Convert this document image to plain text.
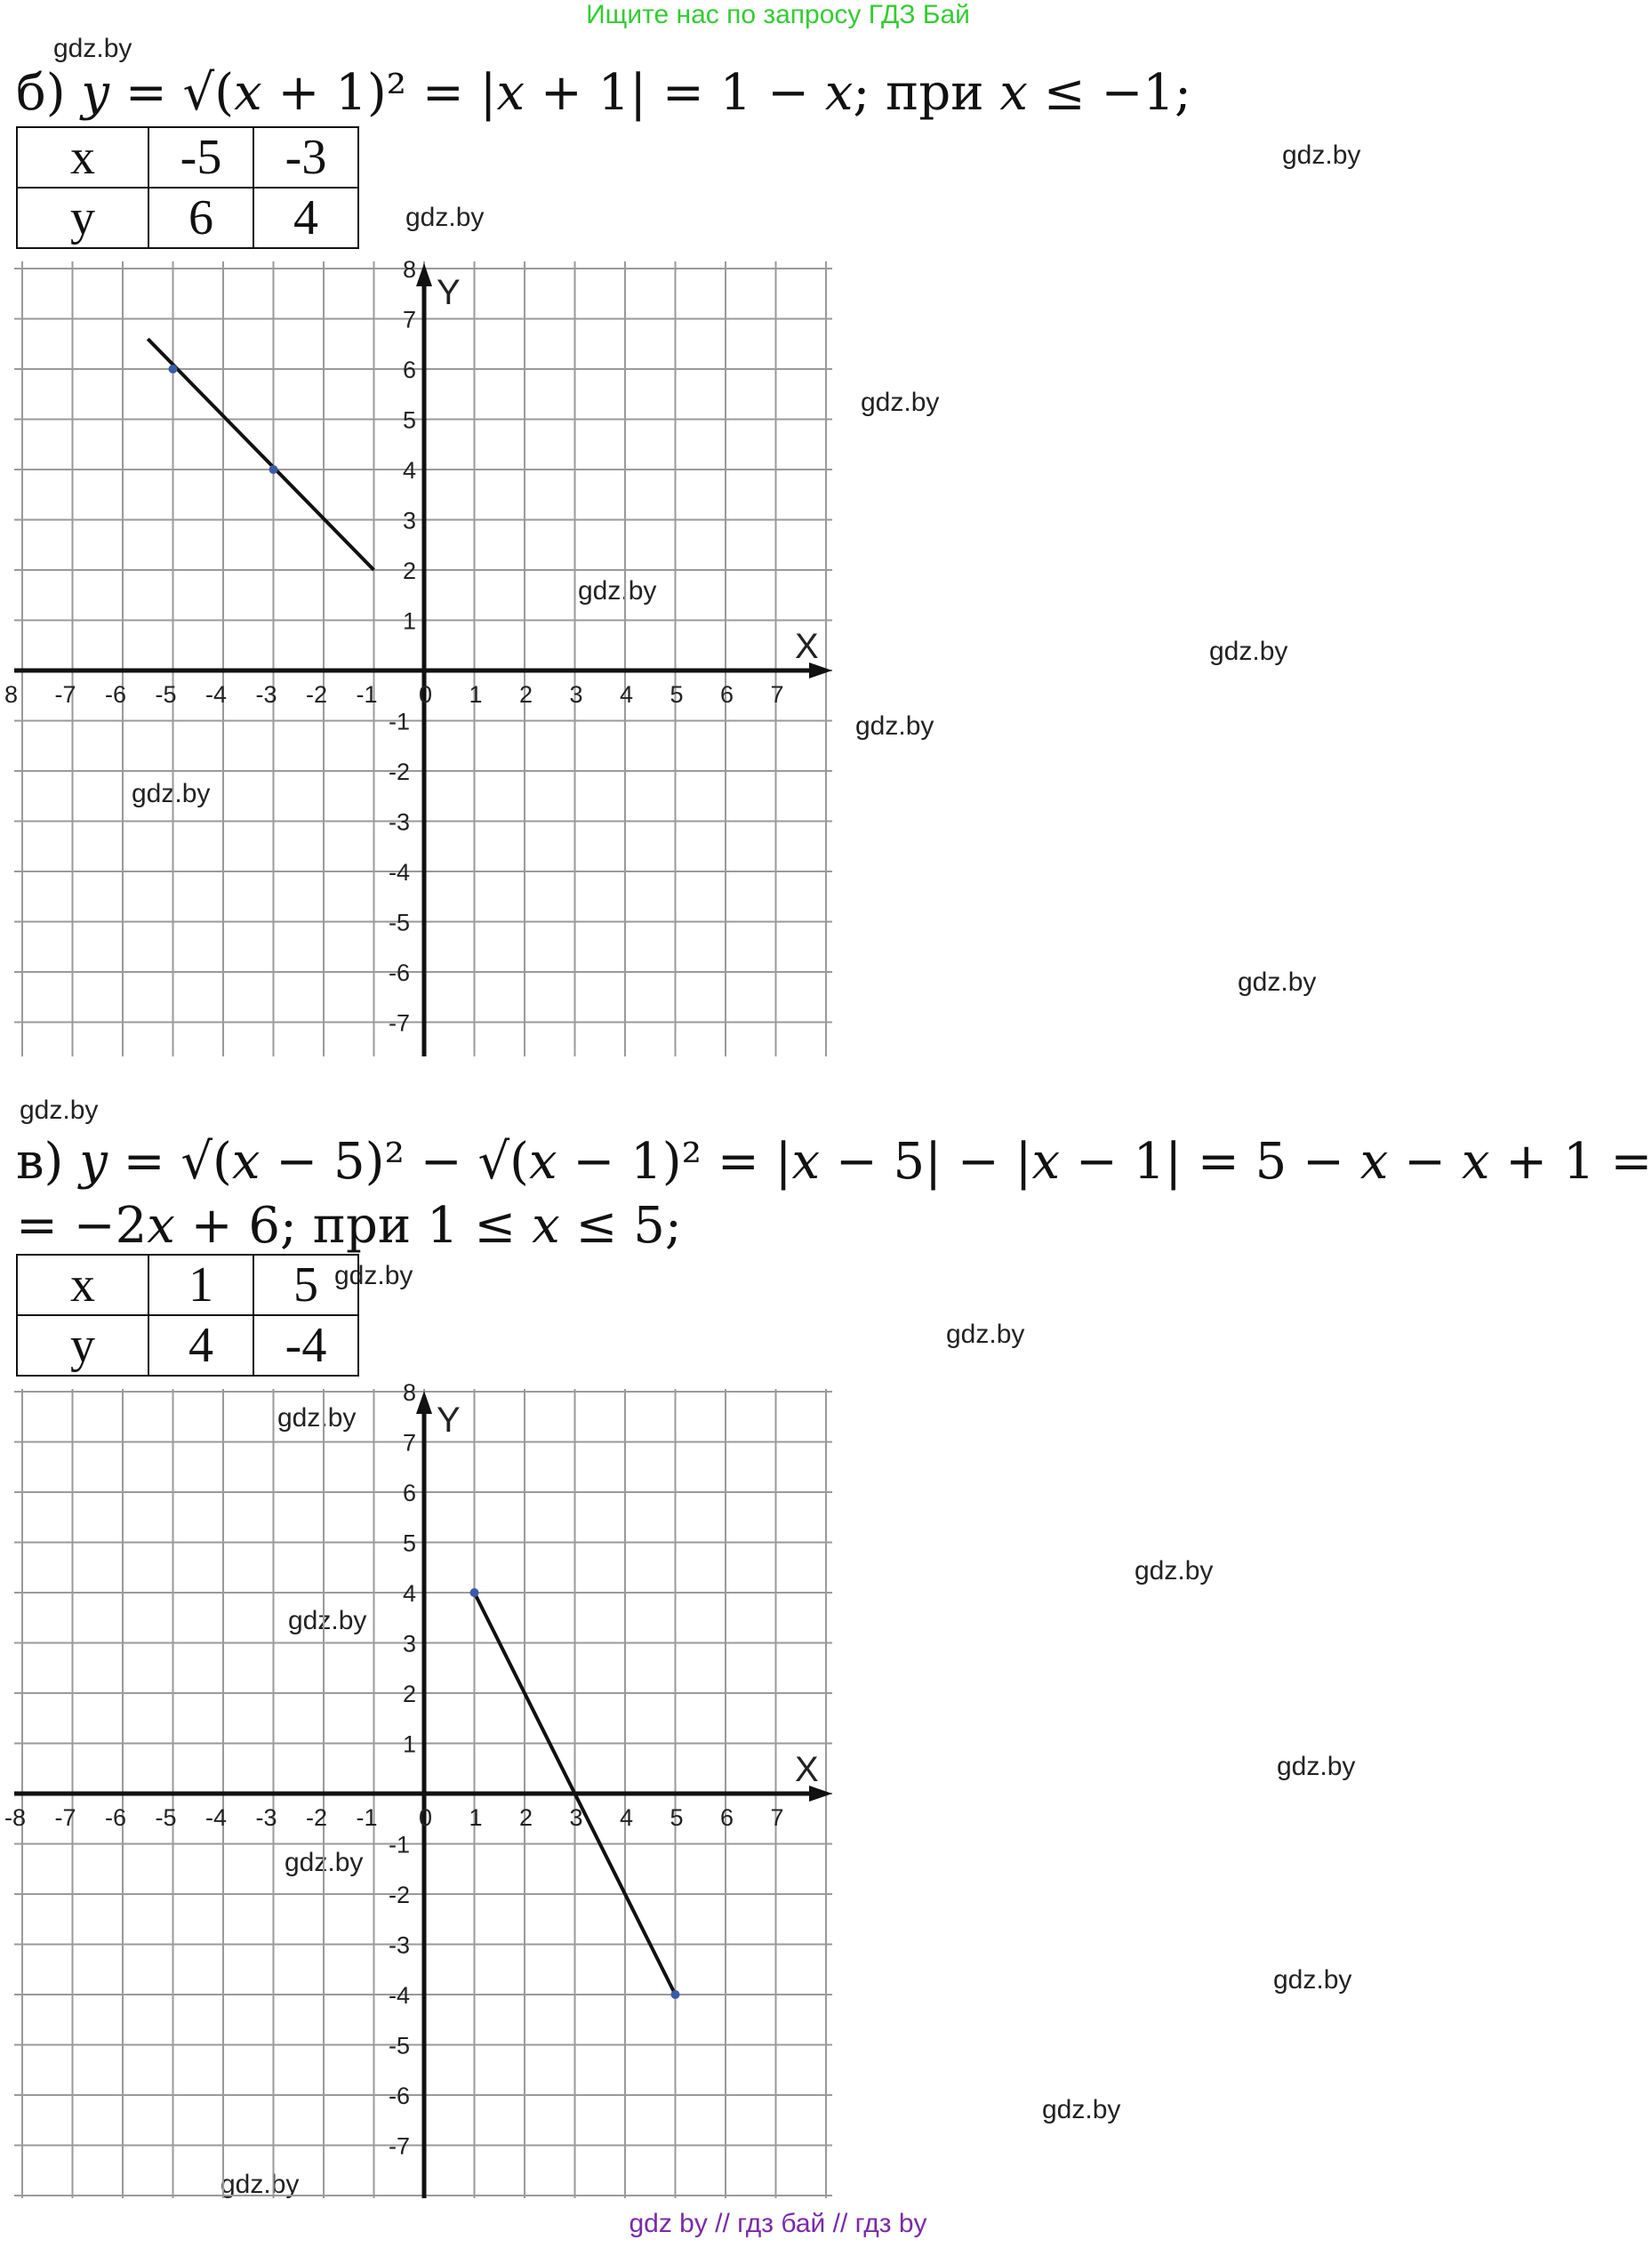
Ищите нас по запросу ГДЗ Бай
gdz.by
gdz.by
gdz.by
gdz.by
gdz.by
gdz.by
gdz.by
gdz.by
gdz.by
gdz.by
gdz.by
gdz.by
gdz.by
gdz.by
gdz.by
gdz.by
gdz.by
gdz.by
gdz.by
gdz.by
б) y = √(x + 1)² = |x + 1| = 1 − x; при x ≤ −1;
x	-5	-3
y	6	4
X
Y
8 -7 -6 -5 -4 -3 -2 -1 0 1 2 3 4 5 6 7
8
7
6
5
4
3
2
1
-1
-2
-3
-4
-5
-6
-7
в) y = √(x − 5)² − √(x − 1)² = |x − 5| − |x − 1| = 5 − x − x + 1 =
= −2x + 6; при 1 ≤ x ≤ 5;
x	1	5
y	4	-4
X
Y
-8 -7 -6 -5 -4 -3 -2 -1 0 1 2 3 4 5 6 7
8
7
6
5
4
3
2
1
-1
-2
-3
-4
-5
-6
-7
gdz by // гдз бай // гдз by
